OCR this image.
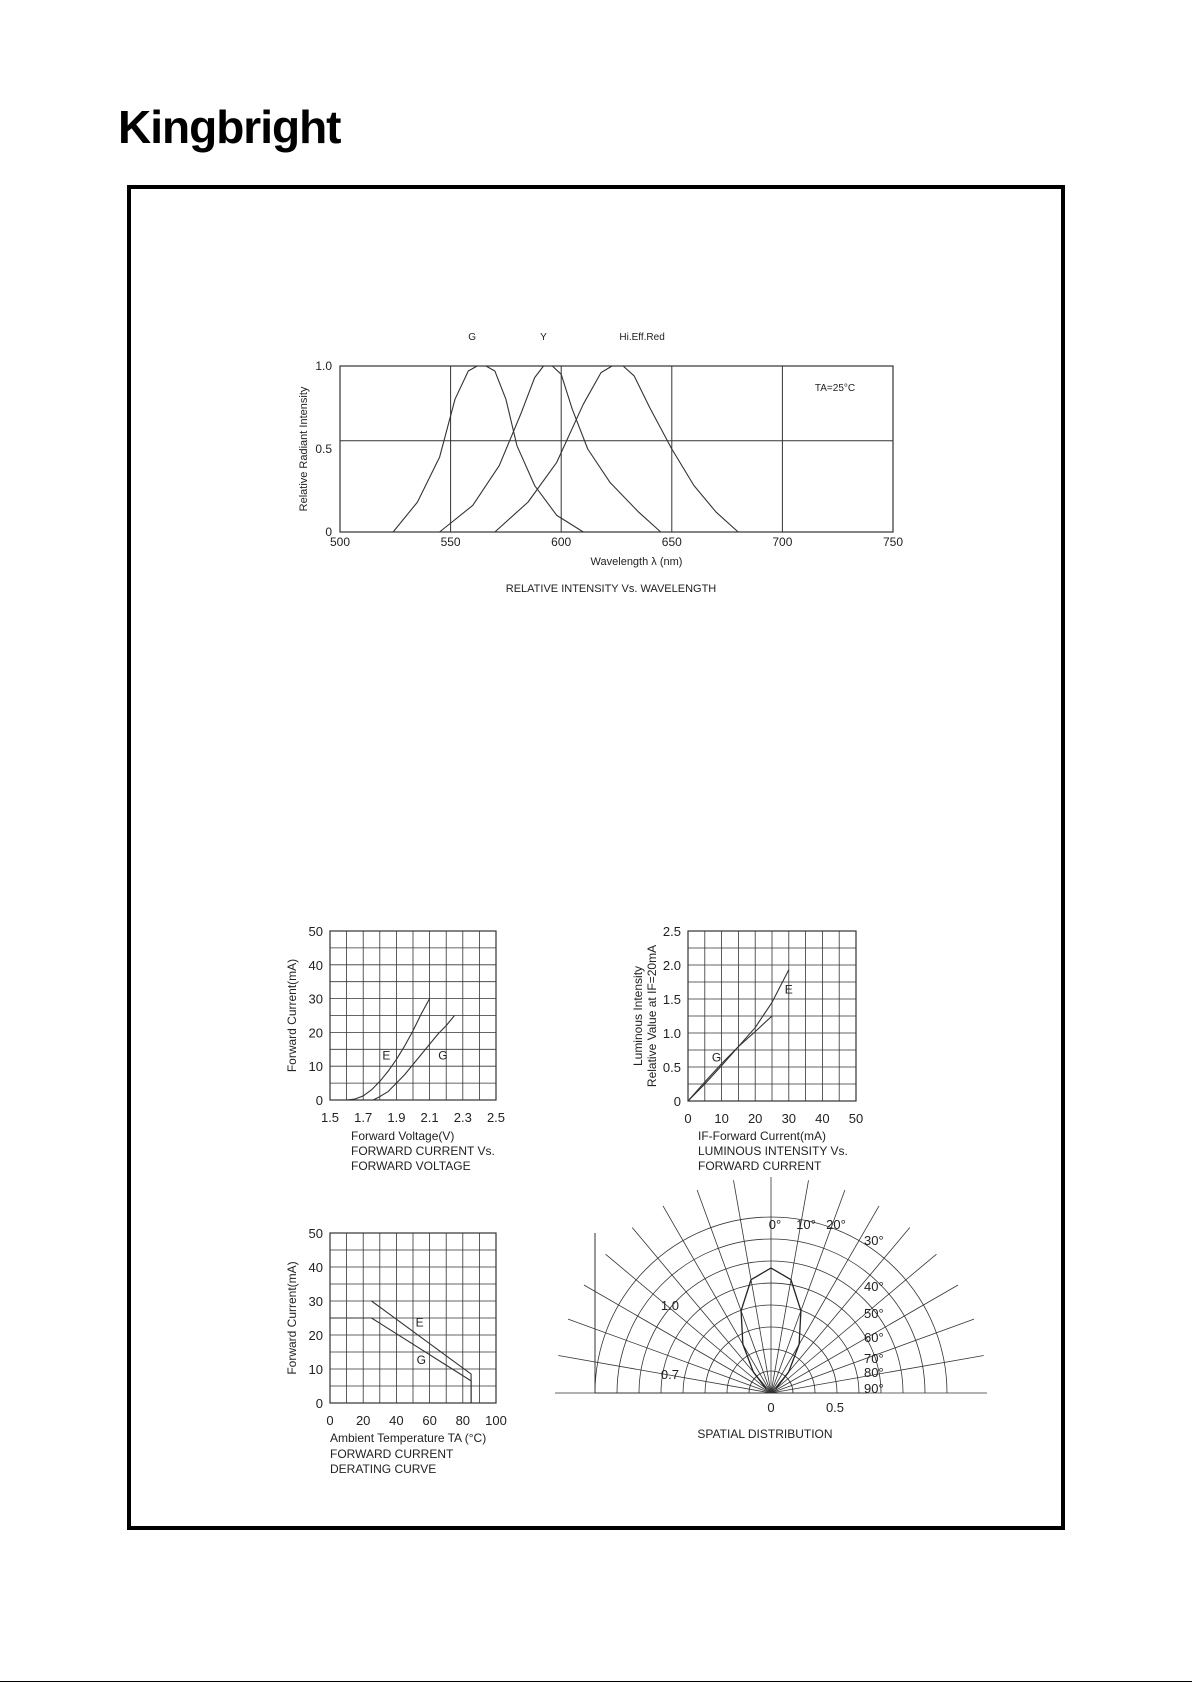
Kingbright
500	550	600	650	700	750
0
0.5
1.0
Wavelength λ (nm)
Relative Radiant Intensity
RELATIVE INTENSITY Vs. WAVELENGTH
TA=25°C
G	Y	Hi.Eff.Red
1.5 1.7 1.9 2.1 2.3 2.5
0
10
20
30
40
50
E	G
Forward Current(mA)
Forward Voltage(V)
FORWARD CURRENT Vs.
FORWARD VOLTAGE
0 10 20 30 40 50
0
0.5
1.0
1.5
2.0
2.5
E
G
Luminous Intensity Relative Value at IF=20mA
IF-Forward Current(mA)
LUMINOUS INTENSITY Vs.
FORWARD CURRENT
0 20 40 60 80 100
0
10
20
30
40
50
E
G
Forward Current(mA)
Ambient Temperature TA (°C)
FORWARD CURRENT
DERATING CURVE
0° 10° 20°
30°
40°
50°
60°
70°
80°
90°
1.0
0.7
0	0.5
SPATIAL DISTRIBUTION
